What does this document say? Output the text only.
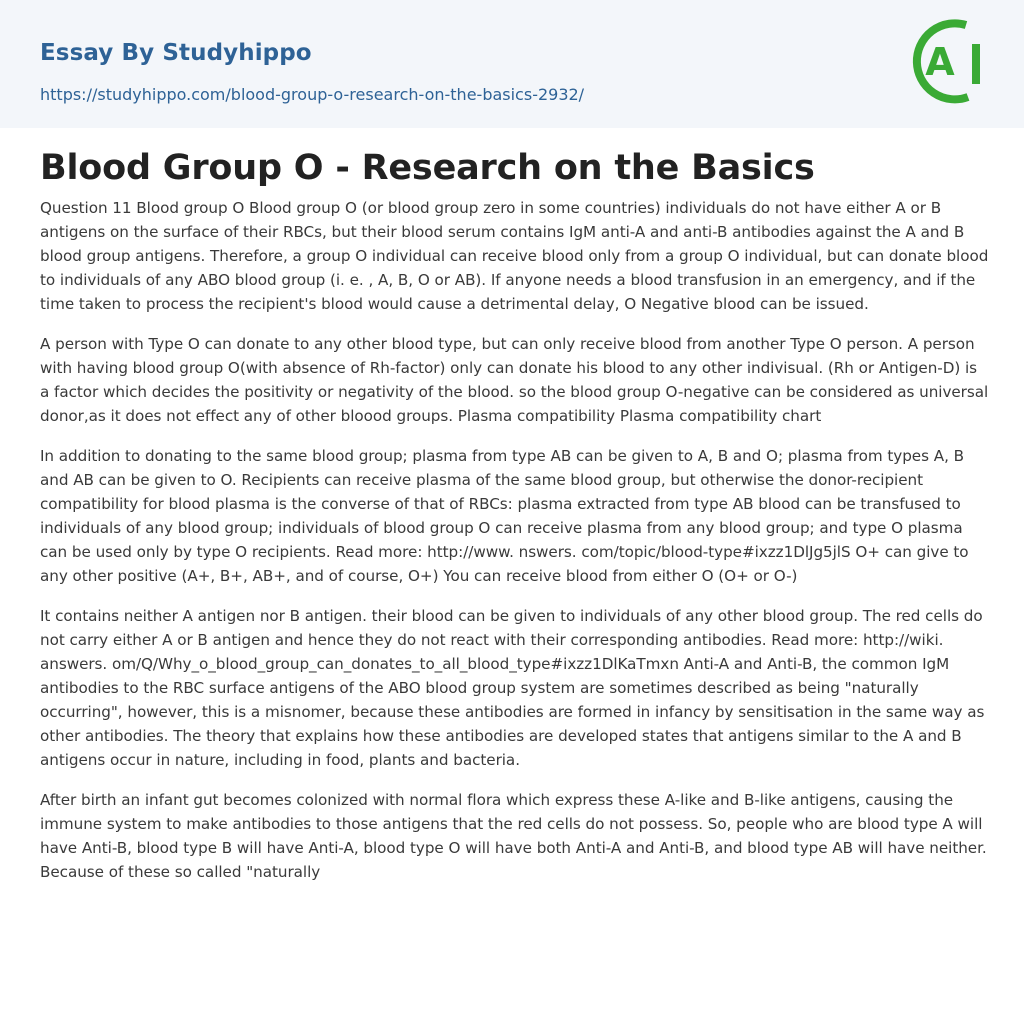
Essay By Studyhippo
https://studyhippo.com/blood-group-o-research-on-the-basics-2932/
A
Blood Group O - Research on the Basics

Question 11 Blood group O Blood group O (or blood group zero in some countries) individuals do not have either A or B antigens on the surface of their RBCs, but their blood serum contains IgM anti-A and anti-B antibodies against the A and B blood group antigens. Therefore, a group O individual can receive blood only from a group O individual, but can donate blood to individuals of any ABO blood group (i. e. , A, B, O or AB). If anyone needs a blood transfusion in an emergency, and if the time taken to process the recipient's blood would cause a detrimental delay, O Negative blood can be issued.

A person with Type O can donate to any other blood type, but can only receive blood from another Type O person. A person with having blood group O(with absence of Rh-factor) only can donate his blood to any other indivisual. (Rh or Antigen-D) is a factor which decides the positivity or negativity of the blood. so the blood group O-negative can be considered as universal donor,as it does not effect any of other bloood groups. Plasma compatibility Plasma compatibility chart

In addition to donating to the same blood group; plasma from type AB can be given to A, B and O; plasma from types A, B and AB can be given to O. Recipients can receive plasma of the same blood group, but otherwise the donor-recipient compatibility for blood plasma is the converse of that of RBCs: plasma extracted from type AB blood can be transfused to individuals of any blood group; individuals of blood group O can receive plasma from any blood group; and type O plasma can be used only by type O recipients. Read more: http://www. nswers. com/topic/blood-type#ixzz1DlJg5jlS O+ can give to any other positive (A+, B+, AB+, and of course, O+) You can receive blood from either O (O+ or O-)

It contains neither A antigen nor B antigen. their blood can be given to individuals of any other blood group. The red cells do not carry either A or B antigen and hence they do not react with their corresponding antibodies. Read more: http://wiki. answers. om/Q/Why_o_blood_group_can_donates_to_all_blood_type#ixzz1DlKaTmxn Anti-A and Anti-B, the common IgM antibodies to the RBC surface antigens of the ABO blood group system are sometimes described as being "naturally occurring", however, this is a misnomer, because these antibodies are formed in infancy by sensitisation in the same way as other antibodies. The theory that explains how these antibodies are developed states that antigens similar to the A and B antigens occur in nature, including in food, plants and bacteria.

After birth an infant gut becomes colonized with normal flora which express these A-like and B-like antigens, causing the immune system to make antibodies to those antigens that the red cells do not possess. So, people who are blood type A will have Anti-B, blood type B will have Anti-A, blood type O will have both Anti-A and Anti-B, and blood type AB will have neither. Because of these so called "naturally
